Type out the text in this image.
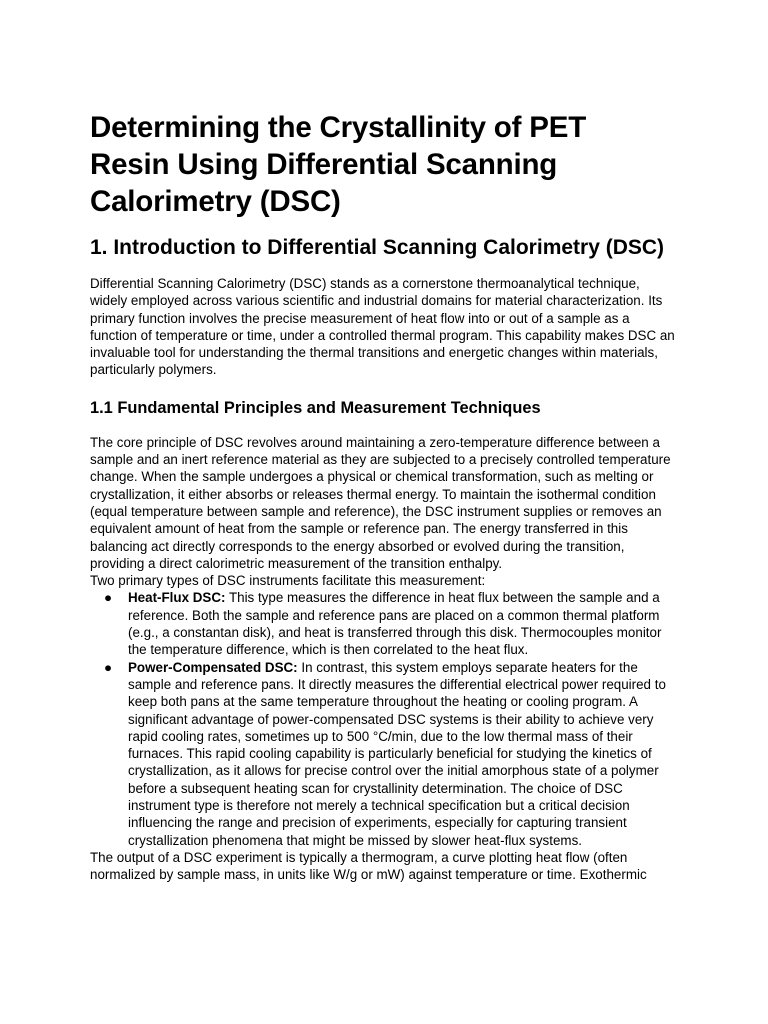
Determining the Crystallinity of PET Resin Using Differential Scanning Calorimetry (DSC)
1. Introduction to Differential Scanning Calorimetry (DSC)

Differential Scanning Calorimetry (DSC) stands as a cornerstone thermoanalytical technique, widely employed across various scientific and industrial domains for material characterization. Its primary function involves the precise measurement of heat flow into or out of a sample as a function of temperature or time, under a controlled thermal program. This capability makes DSC an invaluable tool for understanding the thermal transitions and energetic changes within materials, particularly polymers.

1.1 Fundamental Principles and Measurement Techniques

The core principle of DSC revolves around maintaining a zero-temperature difference between a sample and an inert reference material as they are subjected to a precisely controlled temperature change. When the sample undergoes a physical or chemical transformation, such as melting or crystallization, it either absorbs or releases thermal energy. To maintain the isothermal condition (equal temperature between sample and reference), the DSC instrument supplies or removes an equivalent amount of heat from the sample or reference pan. The energy transferred in this balancing act directly corresponds to the energy absorbed or evolved during the transition, providing a direct calorimetric measurement of the transition enthalpy.

Two primary types of DSC instruments facilitate this measurement:

● Heat-Flux DSC: This type measures the difference in heat flux between the sample and a reference. Both the sample and reference pans are placed on a common thermal platform (e.g., a constantan disk), and heat is transferred through this disk. Thermocouples monitor the temperature difference, which is then correlated to the heat flux.
● Power-Compensated DSC: In contrast, this system employs separate heaters for the sample and reference pans. It directly measures the differential electrical power required to keep both pans at the same temperature throughout the heating or cooling program. A significant advantage of power-compensated DSC systems is their ability to achieve very rapid cooling rates, sometimes up to 500 °C/min, due to the low thermal mass of their furnaces. This rapid cooling capability is particularly beneficial for studying the kinetics of crystallization, as it allows for precise control over the initial amorphous state of a polymer before a subsequent heating scan for crystallinity determination. The choice of DSC instrument type is therefore not merely a technical specification but a critical decision influencing the range and precision of experiments, especially for capturing transient crystallization phenomena that might be missed by slower heat-flux systems.

The output of a DSC experiment is typically a thermogram, a curve plotting heat flow (often normalized by sample mass, in units like W/g or mW) against temperature or time. Exothermic
